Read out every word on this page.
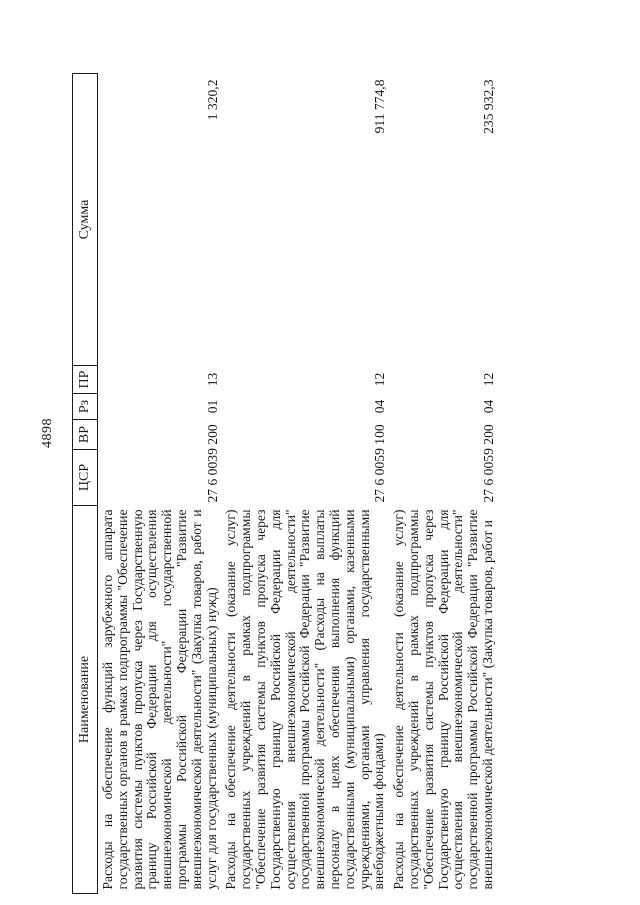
4898
Наименование	ЦСР	ВР	Рз	ПР	Сумма
Расходы на обеспечение функций зарубежного аппарата государственных органов в рамках подпрограммы "Обеспечение развития системы пунктов пропуска через Государственную границу Российской Федерации для осуществления внешнеэкономической деятельности" государственной программы Российской Федерации "Развитие внешнеэкономической деятельности" (Закупка товаров, работ и услуг для государственных (муниципальных) нужд)	27 6 0039	200	01	13	1 320,2
Расходы на обеспечение деятельности (оказание услуг) государственных учреждений в рамках подпрограммы "Обеспечение развития системы пунктов пропуска через Государственную границу Российской Федерации для осуществления внешнеэкономической деятельности" государственной программы Российской Федерации "Развитие внешнеэкономической деятельности" (Расходы на выплаты персоналу в целях обеспечения выполнения функций государственными (муниципальными) органами, казенными учреждениями, органами управления государственными внебюджетными фондами)	27 6 0059	100	04	12	911 774,8
Расходы на обеспечение деятельности (оказание услуг) государственных учреждений в рамках подпрограммы "Обеспечение развития системы пунктов пропуска через Государственную границу Российской Федерации для осуществления внешнеэкономической деятельности" государственной программы Российской Федерации "Развитие внешнеэкономической деятельности" (Закупка товаров, работ и	27 6 0059	200	04	12	235 932,3
